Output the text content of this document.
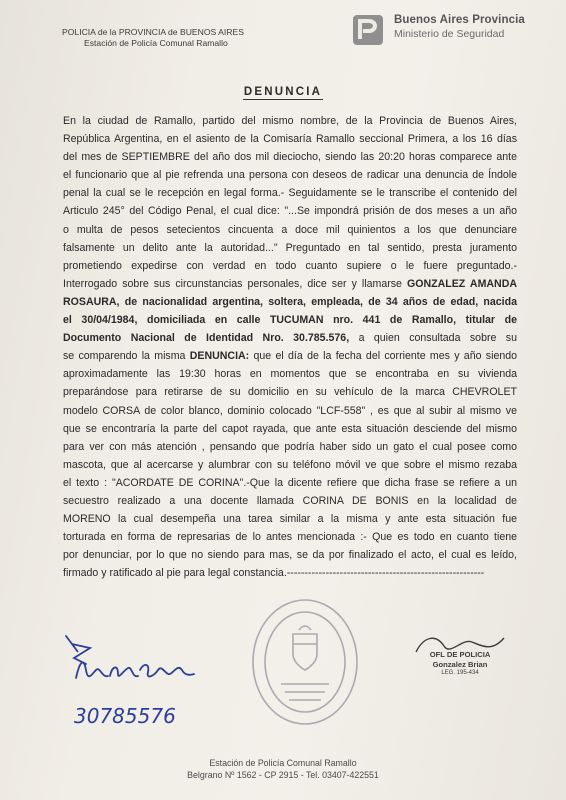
POLICIA de la PROVINCIA de BUENOS AIRES
Estación de Policía Comunal Ramallo
Buenos Aires Provincia
Ministerio de Seguridad
DENUNCIA
En la ciudad de Ramallo, partido del mismo nombre, de la Provincia de Buenos Aires,
República Argentina, en el asiento de la Comisaría Ramallo seccional Primera, a los 16 días
del mes de SEPTIEMBRE del año dos mil dieciocho, siendo las 20:20 horas comparece ante
el funcionario que al pie refrenda una persona con deseos de radicar una denuncia de Índole
penal la cual se le recepción en legal forma.- Seguidamente se le transcribe el contenido del
Articulo 245° del Código Penal, el cual dice: "...Se impondrá prisión de dos meses a un año
o multa de pesos setecientos cincuenta a doce mil quinientos a los que denunciare
falsamente un delito ante la autoridad..." Preguntado en tal sentido, presta juramento
prometiendo expedirse con verdad en todo cuanto supiere o le fuere preguntado.-
Interrogado sobre sus circunstancias personales, dice ser y llamarse GONZALEZ AMANDA
ROSAURA, de nacionalidad argentina, soltera, empleada, de 34 años de edad, nacida
el 30/04/1984, domiciliada en calle TUCUMAN nro. 441 de Ramallo, titular de
Documento Nacional de Identidad Nro. 30.785.576, a quien consultada sobre su
se comparendo la misma DENUNCIA: que el día de la fecha del corriente mes y año siendo
aproximadamente las 19:30 horas en momentos que se encontraba en su vivienda
preparándose para retirarse de su domicilio en su vehículo de la marca CHEVROLET
modelo CORSA de color blanco, dominio colocado "LCF-558" , es que al subir al mismo ve
que se encontraría la parte del capot rayada, que ante esta situación desciende del mismo
para ver con más atención , pensando que podría haber sido un gato el cual posee como
mascota, que al acercarse y alumbrar con su teléfono móvil ve que sobre el mismo rezaba
el texto : "ACORDATE DE CORINA".-Que la dicente refiere que dicha frase se refiere a un
secuestro realizado a una docente llamada CORINA DE BONIS en la localidad de
MORENO la cual desempeña una tarea similar a la misma y ante esta situación fue
torturada en forma de represarias de lo antes mencionada :- Que es todo en cuanto tiene
por denunciar, por lo que no siendo para mas, se da por finalizado el acto, el cual es leído,
firmado y ratificado al pie para legal constancia.--------------------------------------------------------
30785576
OFL DE POLICIA
Gonzalez Brian
LEG. 195-434
Estación de Policía Comunal Ramallo
Belgrano Nº 1562 - CP 2915 - Tel. 03407-422551
